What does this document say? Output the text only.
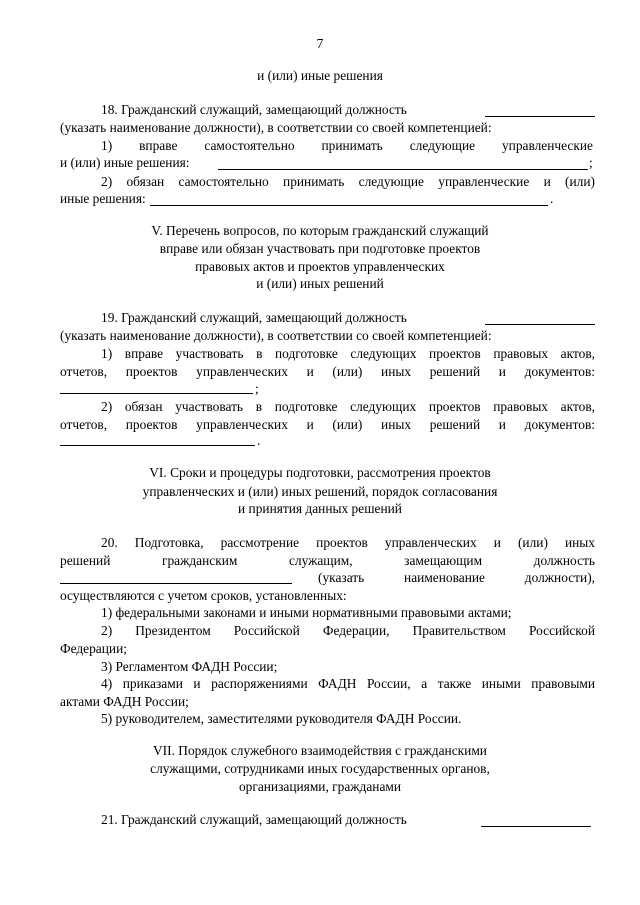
7
и (или) иные решения
18. Гражданский служащий, замещающий должность
(указать наименование должности), в соответствии со своей компетенцией:
1) вправе самостоятельно принимать следующие управленческие
и (или) иные решения:	;
2) обязан самостоятельно принимать следующие управленческие и (или)
иные решения:	.
V. Перечень вопросов, по которым гражданский служащий
вправе или обязан участвовать при подготовке проектов
правовых актов и проектов управленческих
и (или) иных решений
19. Гражданский служащий, замещающий должность
(указать наименование должности), в соответствии со своей компетенцией:
1) вправе участвовать в подготовке следующих проектов правовых актов,
отчетов, проектов управленческих и (или) иных решений и документов:
;
2) обязан участвовать в подготовке следующих проектов правовых актов,
отчетов, проектов управленческих и (или) иных решений и документов:
.
VI. Сроки и процедуры подготовки, рассмотрения проектов
управленческих и (или) иных решений, порядок согласования
и принятия данных решений
20. Подготовка, рассмотрение проектов управленческих и (или) иных
решений гражданским служащим, замещающим должность
(указать наименование должности),
осуществляются с учетом сроков, установленных:
1) федеральными законами и иными нормативными правовыми актами;
2) Президентом Российской Федерации, Правительством Российской
Федерации;
3) Регламентом ФАДН России;
4) приказами и распоряжениями ФАДН России, а также иными правовыми
актами ФАДН России;
5) руководителем, заместителями руководителя ФАДН России.
VII. Порядок служебного взаимодействия с гражданскими
служащими, сотрудниками иных государственных органов,
организациями, гражданами
21. Гражданский служащий, замещающий должность
